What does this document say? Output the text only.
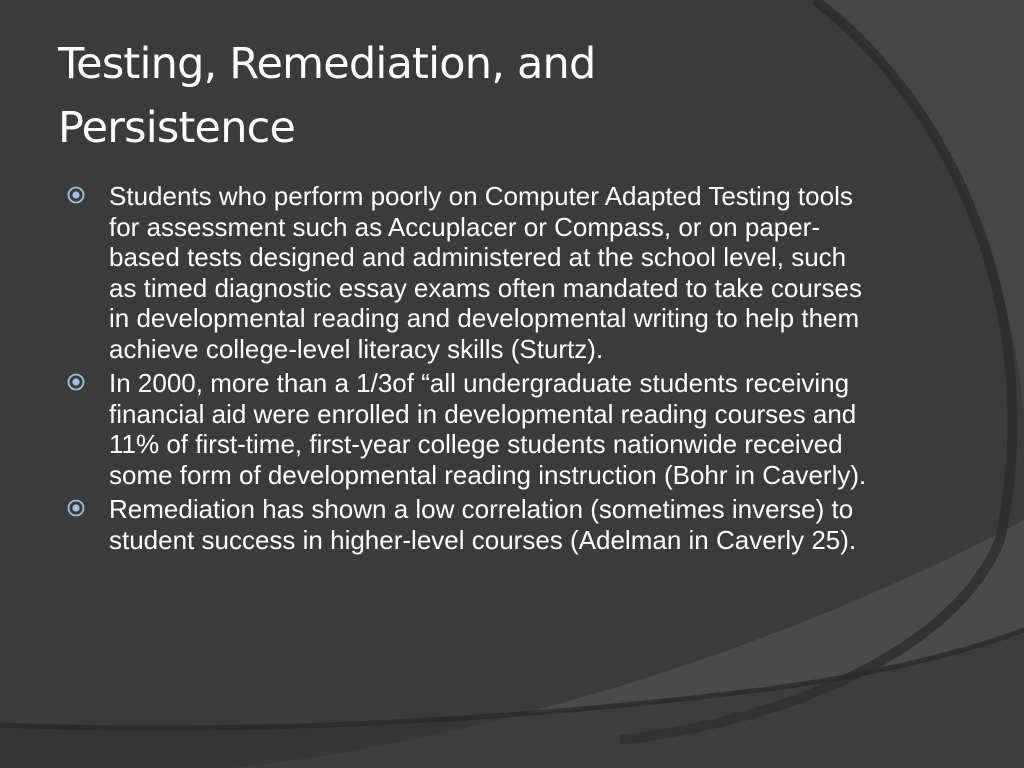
Testing, Remediation, and Persistence
Students who perform poorly on Computer Adapted Testing tools for assessment such as Accuplacer or Compass, or on paper-based tests designed and administered at the school level, such as timed diagnostic essay exams often mandated to take courses in developmental reading and developmental writing to help them achieve college-level literacy skills (Sturtz).
In 2000, more than a 1/3of “all undergraduate students receiving financial aid were enrolled in developmental reading courses and 11% of first-time, first-year college students nationwide received some form of developmental reading instruction (Bohr in Caverly).
Remediation has shown a low correlation (sometimes inverse) to student success in higher-level courses (Adelman in Caverly 25).
